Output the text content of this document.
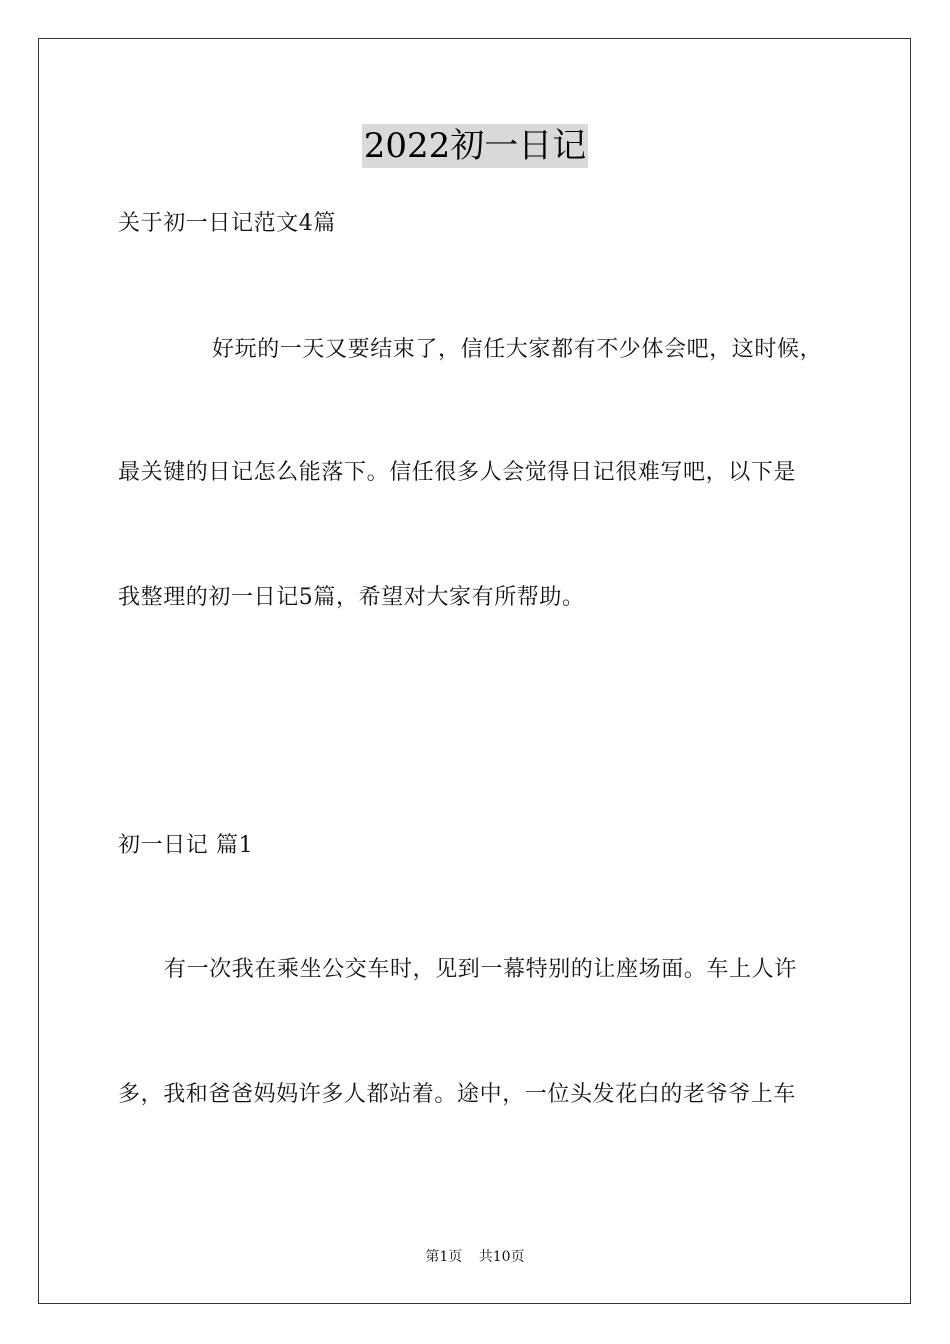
2022初一日记
关于初一日记范文4篇
好玩的一天又要结束了，信任大家都有不少体会吧，这时候，
最关键的日记怎么能落下。信任很多人会觉得日记很难写吧，以下是
我整理的初一日记5篇，希望对大家有所帮助。
初一日记 篇1
有一次我在乘坐公交车时，见到一幕特别的让座场面。车上人许
多，我和爸爸妈妈许多人都站着。途中，一位头发花白的老爷爷上车
第1页 共10页
